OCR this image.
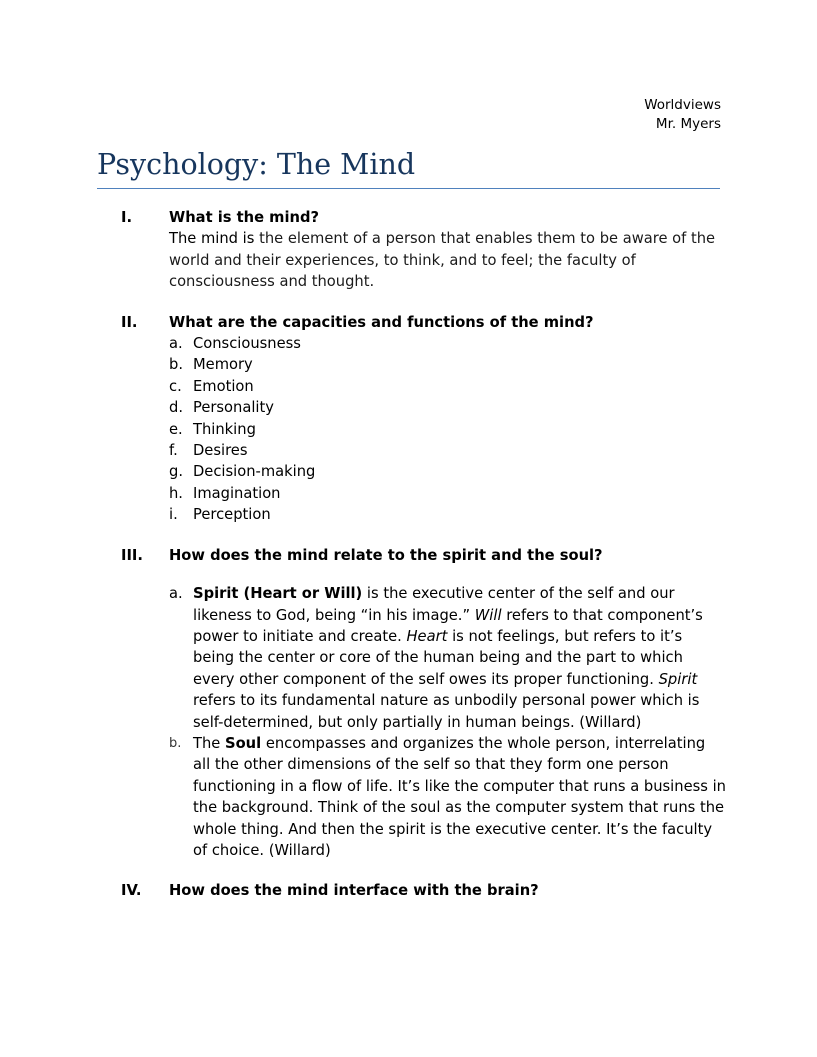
Worldviews
Mr. Myers
Psychology: The Mind
I.	What is the mind?
The mind is the element of a person that enables them to be aware of the world and their experiences, to think, and to feel; the faculty of consciousness and thought.
II. What are the capacities and functions of the mind?
a. Consciousness
b. Memory
c. Emotion
d. Personality
e. Thinking
f. Desires
g. Decision-making
h. Imagination
i. Perception
III. How does the mind relate to the spirit and the soul?
a. Spirit (Heart or Will) is the executive center of the self and our likeness to God, being “in his image.” Will refers to that component’s power to initiate and create. Heart is not feelings, but refers to it’s being the center or core of the human being and the part to which every other component of the self owes its proper functioning. Spirit refers to its fundamental nature as unbodily personal power which is self-determined, but only partially in human beings. (Willard)
b. The Soul encompasses and organizes the whole person, interrelating all the other dimensions of the self so that they form one person functioning in a flow of life. It’s like the computer that runs a business in the background. Think of the soul as the computer system that runs the whole thing. And then the spirit is the executive center. It’s the faculty of choice. (Willard)
IV. How does the mind interface with the brain?
